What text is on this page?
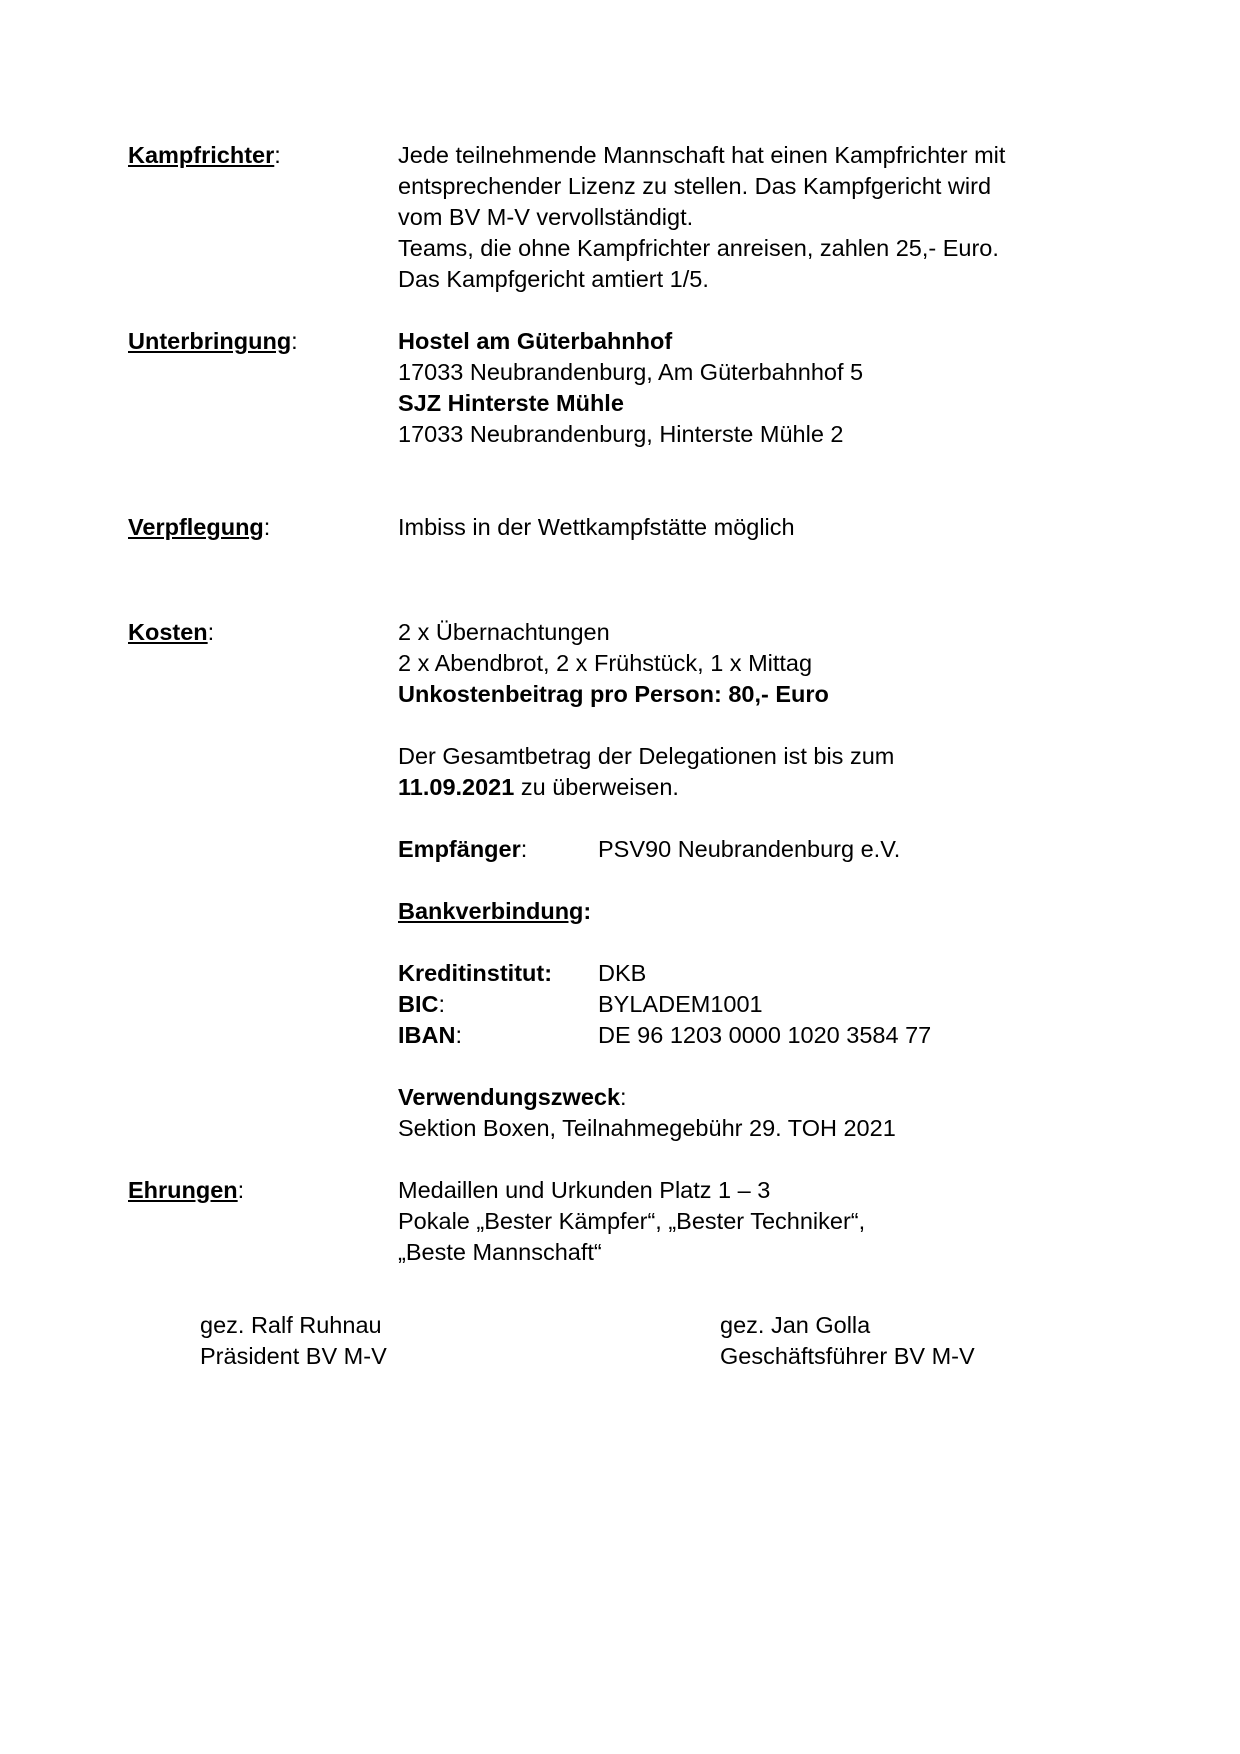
Kampfrichter:	Jede teilnehmende Mannschaft hat einen Kampfrichter mit
entsprechender Lizenz zu stellen. Das Kampfgericht wird
vom BV M-V vervollständigt.
Teams, die ohne Kampfrichter anreisen, zahlen 25,- Euro.
Das Kampfgericht amtiert 1/5.
Unterbringung:	Hostel am Güterbahnhof
17033 Neubrandenburg, Am Güterbahnhof 5
SJZ Hinterste Mühle
17033 Neubrandenburg, Hinterste Mühle 2
Verpflegung:	Imbiss in der Wettkampfstätte möglich
Kosten:	2 x Übernachtungen
2 x Abendbrot, 2 x Frühstück, 1 x Mittag
Unkostenbeitrag pro Person: 80,- Euro
Der Gesamtbetrag der Delegationen ist bis zum
11.09.2021 zu überweisen.
Empfänger:	PSV90 Neubrandenburg e.V.
Bankverbindung:
Kreditinstitut:	DKB
BIC:	BYLADEM1001
IBAN:	DE 96 1203 0000 1020 3584 77
Verwendungszweck:
Sektion Boxen, Teilnahmegebühr 29. TOH 2021
Ehrungen:	Medaillen und Urkunden Platz 1 – 3
Pokale „Bester Kämpfer“, „Bester Techniker“,
„Beste Mannschaft“
gez. Ralf Ruhnau
Präsident BV M-V
gez. Jan Golla
Geschäftsführer BV M-V
